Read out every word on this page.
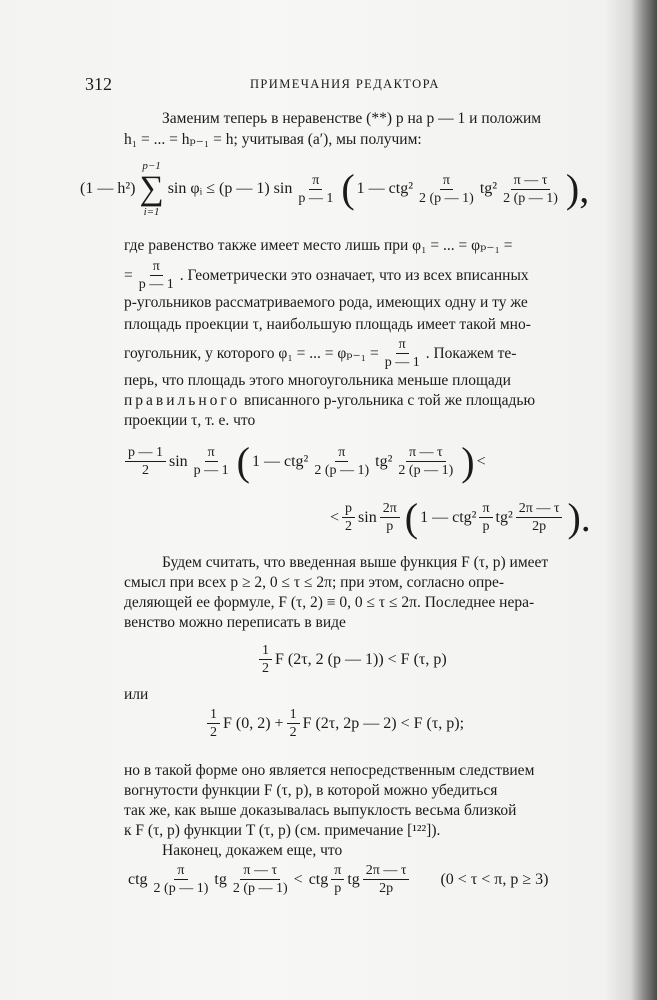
312	ПРИМЕЧАНИЯ РЕДАКТОРА
Заменим теперь в неравенстве (**) p на p — 1 и положим
h₁ = ... = hₚ₋₁ = h; учитывая (a′), мы получим:
(1 — h²)
p−1
∑
i=1
sin φᵢ ≤ (p — 1) $\sin \frac{\pi}{p — 1}$ ( 1 — $ctg^2 \frac{\pi}{2 (p — 1)} tg^2 \frac{\pi — \tau}{2 (p — 1)}$ ),
где равенство также имеет место лишь при φ₁ = ... = φₚ₋₁ =
= $\frac{\pi}{p — 1}$ . Геометрически это означает, что из всех вписанных
p-угольников рассматриваемого рода, имеющих одну и ту же
площадь проекции τ, наибольшую площадь имеет такой мно-
гоугольник, у которого φ₁ = ... = $\varphi_{p-1} = \frac{\pi}{p — 1}$ . Покажем те-
перь, что площадь этого многоугольника меньше площади
правильного вписанного p-угольника с той же площадью
проекции τ, т. е. что
$\frac{p — 1}{2}$ $\sin \frac{\pi}{p — 1}$ ( 1 — $ctg^2 \frac{\pi}{2 (p — 1)} tg^2 \frac{\pi — \tau}{2 (p — 1)}$ ) <
< $\frac{p}{2}$ $\sin \frac{2\pi}{p}$ ( 1 — $ctg^2 \frac{\pi}{p} tg^2 \frac{2\pi — \tau}{2p}$ ).
Будем считать, что введенная выше функция F (τ, p) имеет
смысл при всех p ≥ 2, 0 ≤ τ ≤ 2π; при этом, согласно опре-
деляющей ее формуле, F (τ, 2) ≡ 0, 0 ≤ τ ≤ 2π. Последнее нера-
венство можно переписать в виде
$\frac{1}{2}$ F (2τ, 2 (p — 1)) < F (τ, p)
или
$\frac{1}{2}$ F (0, $2) + \frac{1}{2}$ F (2τ, 2p — 2) < F (τ, p);
но в такой форме оно является непосредственным следствием
вогнутости функции F (τ, p), в которой можно убедиться
так же, как выше доказывалась выпуклость весьма близкой
к F (τ, p) функции T (τ, p) (см. примечание [¹²²]).
Наконец, докажем еще, что
ctg $\frac{\pi}{2 (p — 1)}$ tg $\frac{\pi — \tau}{2 (p — 1)}$ < ctg $\frac{\pi}{p}$ tg $\frac{2\pi — \tau}{2p} (0 < \tau < \pi$, p ≥ 3)
